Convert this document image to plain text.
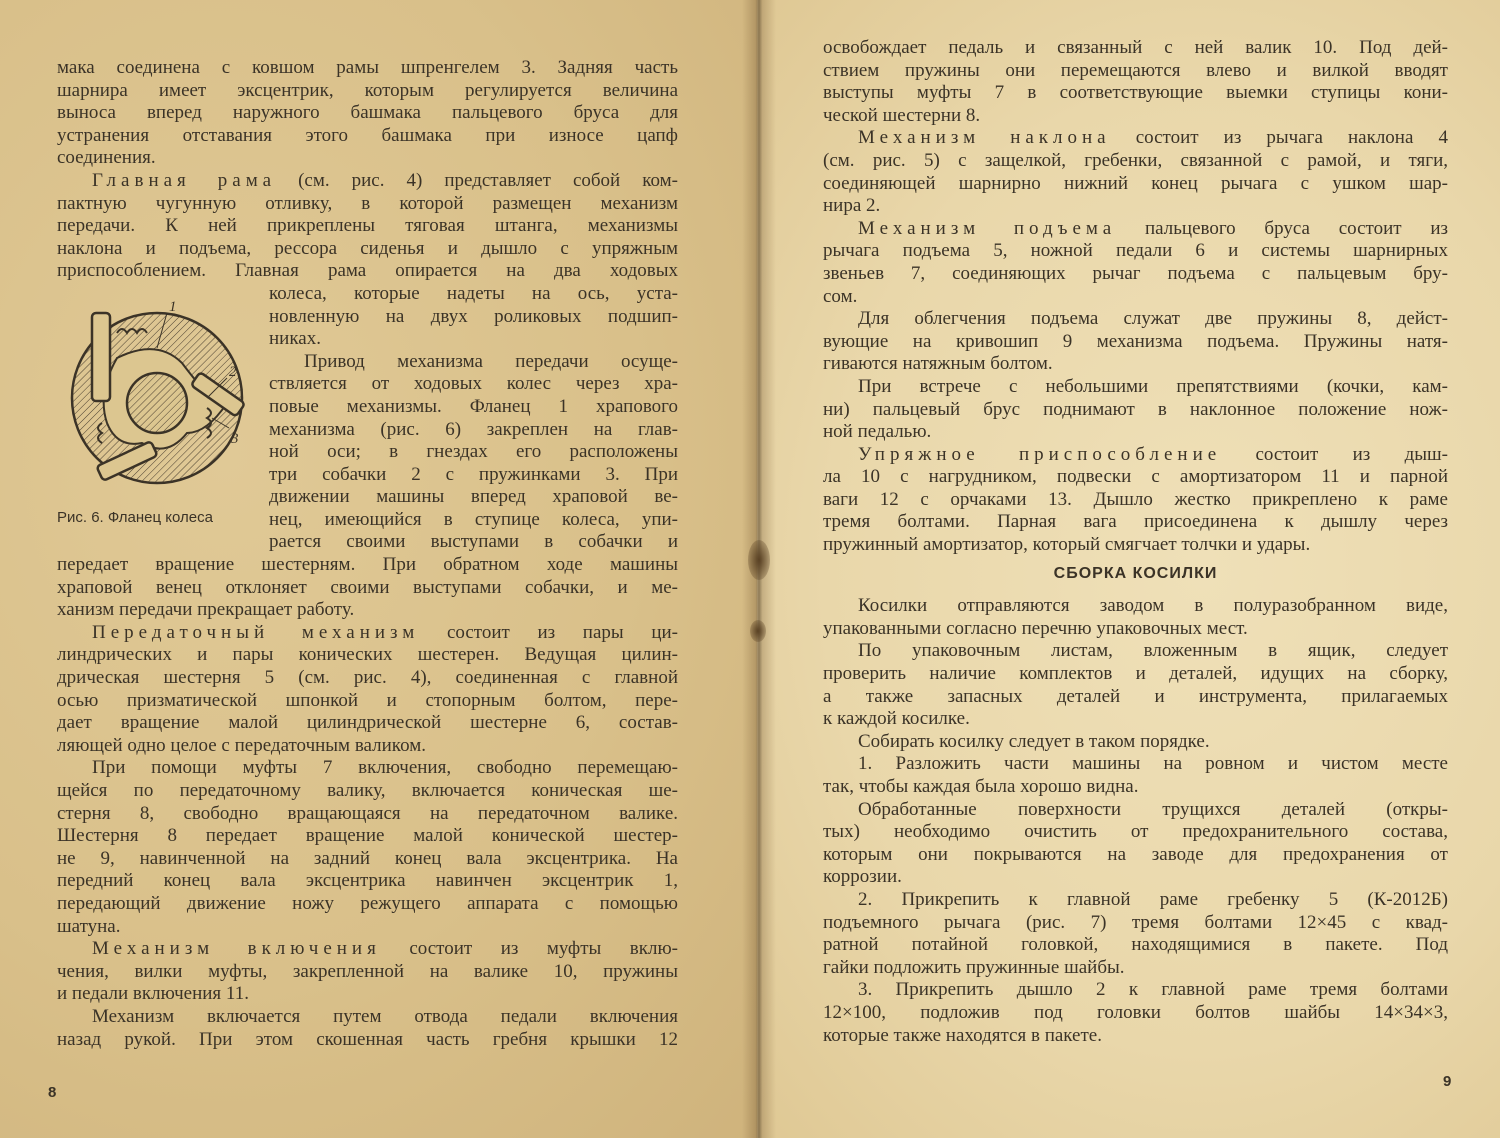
мака соединена с ковшом рамы шпренгелем 3. Задняя часть
шарнира имеет эксцентрик, которым регулируется величина
выноса вперед наружного башмака пальцевого бруса для
устранения отставания этого башмака при износе цапф
соединения.
Главная рама (см. рис. 4) представляет собой ком-
пактную чугунную отливку, в которой размещен механизм
передачи. К ней прикреплены тяговая штанга, механизмы
наклона и подъема, рессора сиденья и дышло с упряжным
приспособлением. Главная рама опирается на два ходовых
1
2
3
Рис. 6. Фланец колеса
колеса, которые надеты на ось, уста-
новленную на двух роликовых подшип-
никах.
Привод механизма передачи осуще-
ствляется от ходовых колес через хра-
повые механизмы. Фланец 1 храпового
механизма (рис. 6) закреплен на глав-
ной оси; в гнездах его расположены
три собачки 2 с пружинками 3. При
движении машины вперед храповой ве-
нец, имеющийся в ступице колеса, упи-
рается своими выступами в собачки и
передает вращение шестерням. При обратном ходе машины
храповой венец отклоняет своими выступами собачки, и ме-
ханизм передачи прекращает работу.
Передаточный механизм состоит из пары ци-
линдрических и пары конических шестерен. Ведущая цилин-
дрическая шестерня 5 (см. рис. 4), соединенная с главной
осью призматической шпонкой и стопорным болтом, пере-
дает вращение малой цилиндрической шестерне 6, состав-
ляющей одно целое с передаточным валиком.
При помощи муфты 7 включения, свободно перемещаю-
щейся по передаточному валику, включается коническая ше-
стерня 8, свободно вращающаяся на передаточном валике.
Шестерня 8 передает вращение малой конической шестер-
не 9, навинченной на задний конец вала эксцентрика. На
передний конец вала эксцентрика навинчен эксцентрик 1,
передающий движение ножу режущего аппарата с помощью
шатуна.
Механизм включения состоит из муфты вклю-
чения, вилки муфты, закрепленной на валике 10, пружины
и педали включения 11.
Механизм включается путем отвода педали включения
назад рукой. При этом скошенная часть гребня крышки 12
освобождает педаль и связанный с ней валик 10. Под дей-
ствием пружины они перемещаются влево и вилкой вводят
выступы муфты 7 в соответствующие выемки ступицы кони-
ческой шестерни 8.
Механизм наклона состоит из рычага наклона 4
(см. рис. 5) с защелкой, гребенки, связанной с рамой, и тяги,
соединяющей шарнирно нижний конец рычага с ушком шар-
нира 2.
Механизм подъема пальцевого бруса состоит из
рычага подъема 5, ножной педали 6 и системы шарнирных
звеньев 7, соединяющих рычаг подъема с пальцевым бру-
сом.
Для облегчения подъема служат две пружины 8, дейст-
вующие на кривошип 9 механизма подъема. Пружины натя-
гиваются натяжным болтом.
При встрече с небольшими препятствиями (кочки, кам-
ни) пальцевый брус поднимают в наклонное положение нож-
ной педалью.
Упряжное приспособление состоит из дыш-
ла 10 с нагрудником, подвески с амортизатором 11 и парной
ваги 12 с орчаками 13. Дышло жестко прикреплено к раме
тремя болтами. Парная вага присоединена к дышлу через
пружинный амортизатор, который смягчает толчки и удары.
СБОРКА КОСИЛКИ
Косилки отправляются заводом в полуразобранном виде,
упакованными согласно перечню упаковочных мест.
По упаковочным листам, вложенным в ящик, следует
проверить наличие комплектов и деталей, идущих на сборку,
а также запасных деталей и инструмента, прилагаемых
к каждой косилке.
Собирать косилку следует в таком порядке.
1. Разложить части машины на ровном и чистом месте
так, чтобы каждая была хорошо видна.
Обработанные поверхности трущихся деталей (откры-
тых) необходимо очистить от предохранительного состава,
которым они покрываются на заводе для предохранения от
коррозии.
2. Прикрепить к главной раме гребенку 5 (К-2012Б)
подъемного рычага (рис. 7) тремя болтами 12×45 с квад-
ратной потайной головкой, находящимися в пакете. Под
гайки подложить пружинные шайбы.
3. Прикрепить дышло 2 к главной раме тремя болтами
12×100, подложив под головки болтов шайбы 14×34×3,
которые также находятся в пакете.
8
9
